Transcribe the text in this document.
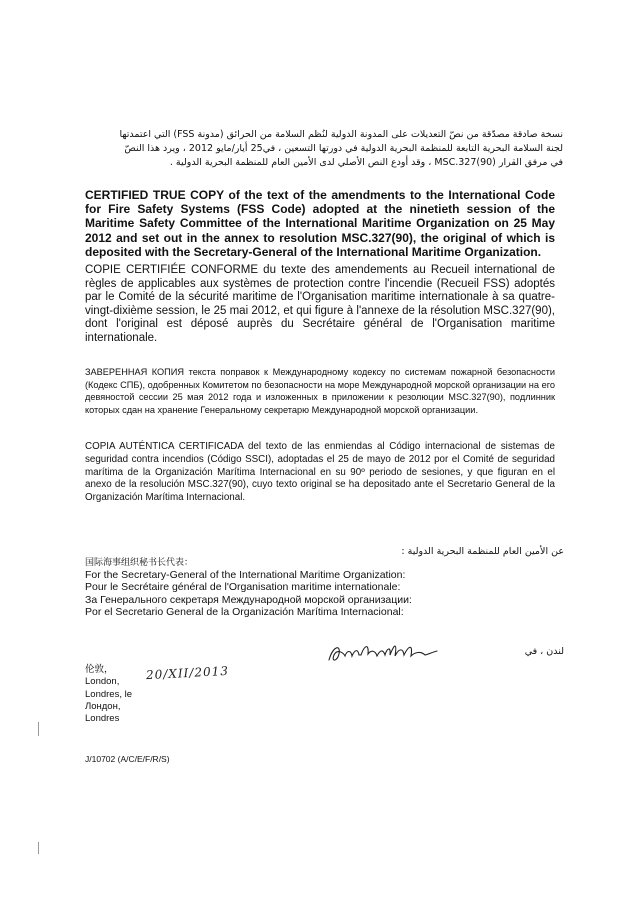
نسخة صادقة مصدّقة من نصّ التعديلات على المدونة الدولية لنُظم السلامة من الحرائق (مدونة FSS) التي اعتمدتها
لجنة السلامة البحرية التابعة للمنظمة البحرية الدولية في دورتها التسعين ، في25 أيار/مايو 2012 ، ويرد هذا النصّ
في مرفق القرار MSC.327(90) ، وقد أودع النص الأصلي لدى الأمين العام للمنظمة البحرية الدولية .

CERTIFIED TRUE COPY of the text of the amendments to the International Code for Fire Safety Systems (FSS Code) adopted at the ninetieth session of the Maritime Safety Committee of the International Maritime Organization on 25 May 2012 and set out in the annex to resolution MSC.327(90), the original of which is deposited with the Secretary-General of the International Maritime Organization.

COPIE CERTIFIÉE CONFORME du texte des amendements au Recueil international de règles de applicables aux systèmes de protection contre l'incendie (Recueil FSS) adoptés par le Comité de la sécurité maritime de l'Organisation maritime internationale à sa quatre-vingt-dixième session, le 25 mai 2012, et qui figure à l'annexe de la résolution MSC.327(90), dont l'original est déposé auprès du Secrétaire général de l'Organisation maritime internationale.

ЗАВЕРЕННАЯ КОПИЯ текста поправок к Международному кодексу по системам пожарной безопасности (Кодекс СПБ), одобренных Комитетом по безопасности на море Международной морской организации на его девяностой сессии 25 мая 2012 года и изложенных в приложении к резолюции MSC.327(90), подлинник которых сдан на хранение Генеральному секретарю Международной морской организации.

COPIA AUTÉNTICA CERTIFICADA del texto de las enmiendas al Código internacional de sistemas de seguridad contra incendios (Código SSCI), adoptadas el 25 de mayo de 2012 por el Comité de seguridad marítima de la Organización Marítima Internacional en su 90º periodo de sesiones, y que figuran en el anexo de la resolución MSC.327(90), cuyo texto original se ha depositado ante el Secretario General de la Organización Marítima Internacional.

عن الأمين العام للمنظمة البحرية الدولية :
国际海事组织秘书长代表：
For the Secretary-General of the International Maritime Organization:
Pour le Secrétaire général de l'Organisation maritime internationale:
За Генерального секретаря Международной морской организации:
Por el Secretario General de la Organización Marítima Internacional:
لندن ، في
伦敦，
London,
Londres, le
Лондон,
Londres
20/XII/2013
J/10702 (A/C/E/F/R/S)
